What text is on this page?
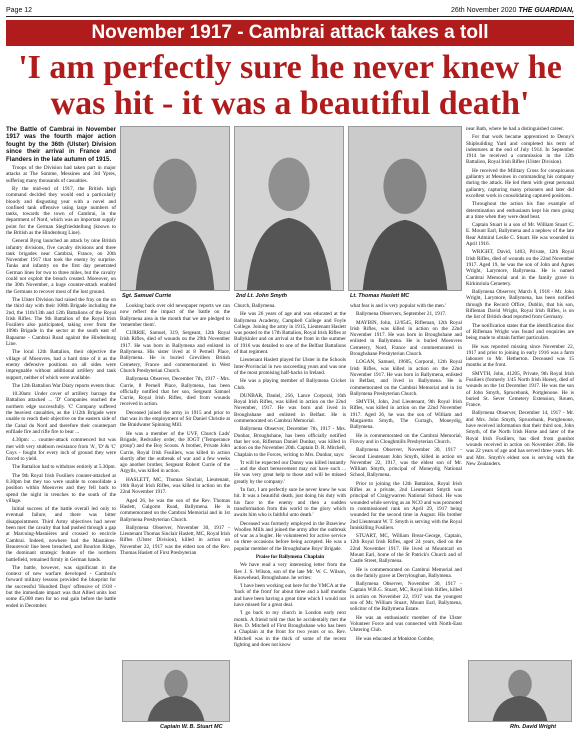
Page 12	26th November 2020 THE GUARDIAN,
November 1917 - Cambrai attack takes a toll
'I am perfectly sure he never knew he was hit - it was a beautiful death'

The Battle of Cambrai in November 1917 was the fourth major action fought by the 36th (Ulster) Division since their arrival in France and Flanders in the late autumn of 1915.

Troops of the Division had taken part in major attacks at The Somme, Messines and 3rd Ypres, suffering many thousands of casualties.

By the mid-end of 1917, the British high command decided they would end a particularly bloody and disgusting year with a novel and confined tank offensive using large numbers of tanks, towards the town of Cambrai, in the department of Nord, which was an important supply point for the German Siegfriedstellung (known to the British as the Hindenburg Line).

General Byng launched an attack by nine British infantry divisions, five cavalry divisions and three tank brigades near Cambrai, France, on 20th November 1917 that took the enemy by surprise. Tanks and infantry on the first day penetrated German lines for two to three miles, but the cavalry could not exploit the breach created. Moreover, on the 30th November, a huge counter-attack enabled the Germans to recover most of the lost ground.

The Ulster Division had raised the fray on the on the third day with their 108th Brigade including the 2nd, the 11th/13th and 12th Battalions of the Royal Irish Rifles. The 9th Battalion of the Royal Irish Fusiliers also participated, taking over from the 109th Brigade in the sector at the south east of Bapaume - Cambrai Road against the Hindenburg Line.

The local 12th Battalion, their objective the village of Moeuvres, had a hard time of it as the enemy defensive positions on all sides were impregnable without additional artillery and tank support, neither of which were available.

The 12th Battalion War Diary reports events thus:

10.30am: Under cover of artillery barrage the Battalion attacked ... 'D' Companies reached the northern edge successfully. 'C' Company suffered the heaviest casualties, as the 1/12th Brigade were unable to reach their objective on the eastern side of the Canal du Nord and therefore their counterpart enfilade fire and rifle fire to bear ...

4.30pm: ... counter-attack commenced but was met with very stubborn resistance from 'A', 'D' & 'C' Coys - fought for every inch of ground they were forced to yield.

The Battalion had to withdraw entirely at 5.30pm.

The 9th Royal Irish Fusiliers counter-attacked at 8.30pm but they too were unable to consolidate a position within Moeuvres and they fell back to spend the night in trenches to the south of the village.

Initial success of the battle overall led only to eventual failure, and there was bitter disappointment. Third Army objectives had never been met: the cavalry that had pushed through a gap at Marcoing-Masnières and crossed to encircle Cambrai. Indeed, nowhere had the Masnières-Beaurevoir line been breached, and Bourlon Ridge, the dominant strategic feature of the northern battlefield, remained firmly in German hands.

The battle, however, was significant in the context of new warfare developed - Cambrai's forward military lessons provided the blueprint for the successful 'Hundred Days' offensive of 1918 - but the immediate impact was that Allied units lost some 45,000 men for no real gain before the battle ended in December.

Sgt. Samuel Currie	2nd Lt. John Smyth	Lt. Thomas Haslett MC

Looking back over old newspaper reports we can now reflect the impact of the battle on the Ballymena area in the month that we are pledged to 'remember them'.

CURRIE, Samuel, 319, Sergeant, 12th Royal Irish Rifles, died of wounds on the 29th November 1917. He was born in Ballymena and enlisted in Ballymena. His sister lived at 8 Pernell Place, Ballymena. He is buried Grevillers British Cemetery, France and commemorated in West Church Presbyterian Church.

Ballymena Observer, December 7th, 1917 - Mrs. Currie, 8 Pernell Place, Ballymena, has been officially notified that her son, Sergeant Samuel Currie, Royal Irish Rifles, died from wounds received in action.

Deceased joined the army in 1915 and prior to that was in the employment of Sir Daniel Christie at the Braidwater Spinning Mill.

He was a member of the UVF, Church Lads' Brigade, Redvalley order, the IOGT ('Temperance group') and the Boy Scouts. A brother, Private John Currie, Royal Irish Fusiliers, was killed in action shortly after the outbreak of war and a few weeks ago another brother, Sergeant Robert Currie of the Argylls, was killed in action.

HASLETT, MC, Thomas Sinclair, Lieutenant, 16th Royal Irish Rifles, was killed in action on the 22nd November 1917.

Aged 26, he was the son of the Rev. Thomas Haslett, Galgorm Road, Ballymena. He is commemorated on the Cambrai Memorial and in 1st Ballymena Presbyterian Church.

Ballymena Observer, November 30, 1917 - Lieutenant Thomas Sinclair Haslett, MC, Royal Irish Rifles (Ulster Division), killed in action on November 22, 1917 was the eldest son of the Rev. Thomas Haslett of First Presbyterian

Captain W. B. Stuart MC

Church, Ballymena.

He was 26 years of age and was educated at the Ballymena Academy, Campbell College and Foyle College. Joining the army in 1915, Lieutenant Haslett was posted to the 17th Battalion, Royal Irish Rifles at Ballykinler and on arrival at the front in the summer of 1916 was detailed to one of the Belfast Battalions of that regiment.

Lieutenant Haslett played for Ulster in the Schools Inter-Provincial in two succeeding years and was one of the most promising half-backs in Ireland.

He was a playing member of Ballymena Cricket Club.

DUNBAR, Daniel, 256, Lance Corporal, 16th Royal Irish Rifles, was killed in action on the 22nd November, 1917. He was born and lived in Broughshane and enlisted in Belfast. He is commemorated on Cambrai Memorial.

Ballymena Observer, December 7th, 1917 - Mrs. Dunbar, Broughshane, has been officially notified that her son, Rifleman Daniel Dunbar, was killed in action on the November 20th. Captain D. R. Mitchell, Chaplain to the Forces, writing to Mrs. Dunbar, says:

'It will be expected our Danny was killed instantly ... and the short bereavement may not have such ... He was very great help to those and will be missed greatly by the company.'

'In fact, I am perfectly sure he never knew he was hit. It was a beautiful death, just doing his duty with his face to the enemy and then a sudden transformation from this world to the glory which awaits him who is faithful unto death.'

Deceased was formerly employed in the Braeview Woollen Mills and joined the army after the outbreak of war as a bugler. He volunteered for active service on three occasions before being accepted. He was a popular member of the Broughshane Boys' Brigade.

Praise for Ballymena Chaplain

We have read a very interesting letter from the Rev J. S. Wilson, son of the late Mr. W. C. Wilson, Knowehead, Broughshane. he writes:

'I have been working out here for the YMCA at the 'back of the front' for about three and a half months and have been having a great time which I would not have missed for a great deal.

'I go back to my church in London early next month. A friend told me that he accidentally met the Rev. D. Mitchell of First Broughshane who has been a Chaplain at the front for two years or so. Rev. Mitchell was in the thick of some of the recent fighting and does not know

what fear is and is very popular with the men.'

Ballymena Observers, September 21, 1917.

MAYBIN, John, 12/6545, Rifleman, 12th Royal Irish Rifles, was killed in action on the 22nd November 1917. He was born in Broughshane and enlisted in Ballymena. He is buried Moeuvres Cemetery, Nord, France and commemorated in Broughshane Presbyterian Church.

LOGAN, Samuel, 19605, Corporal, 12th Royal Irish Rifles, was killed in action on the 22nd November 1917. He was born in Ballymena, enlisted in Belfast, and lived in Ballymena. He is commemorated on the Cambrai Memorial and in 1st Ballymena Presbyterian Church.

SMYTH, John, 2nd Lieutenant, 9th Royal Irish Rifles, was killed in action on the 22nd November 1917. Aged 26, he was the son of William and Margaretta Smyth, The Curragh, Moneydig, Ballymena.

He is commemorated on the Cambrai Memorial, Finvoy and in Cloughmills Presbyterian Church.

Ballymena Observer, November 30, 1917 - Second Lieutenant John Smyth, killed in action on November 22, 1917, was the eldest son of Mr. William Smyth, principal of Moneydig National School, Ballymena.

Prior to joining the 12th Battalion, Royal Irish Rifles as a private, 2nd Lieutenant Smyth was principal of Craigywarren National School. He was wounded while serving as an NCO and was promoted to commissioned rank on April 29, 1917 being wounded for the second time in August. His brother 2nd Lieutenant W. T. Smyth is serving with the Royal Inniskilling Fusiliers.

STUART, MC, William Brear-George, Captain, 12th Royal Irish Rifles, aged 24 years, died on the 22nd November 1917. He lived at Mountcarl on Mount Earl, home of the St Patrick's Church and of Castle Street, Ballymena.

He is commemorated on Cambrai Memorial and on the family grave at Derryloughan, Ballymena.

Ballymena Observer, November 30, 1917 - Captain W.B.G. Stuart, MC, Royal Irish Rifles, killed in action on November 22, 1917 was the youngest son of Mr. William Stuart, Mount Earl, Ballymena, solicitor of the Ballymena Estate.

He was an enthusiastic member of the Ulster Volunteer Force and was connected with North-East Ulstering Club.

He was educated at Monkton Combe,

near Bath, where he had a distinguished career.

For that work became apprenticed to Denny's Shipbuilding Yard and completed his term of indentures at the end of July 1914. In September 1914 he received a commission in the 12th Battalion, Royal Irish Rifles (Ulster Division).

He received the Military Cross for conspicuous gallantry at Messines in commanding his company during the attack. He led them with great personal gallantry, capturing many prisoners and later did excellent work in consolidating captured positions.

Throughout the action his fine example of determination and enthusiasm kept his men going at a time when they were dead beat.

Captain Stuart is a son of Mr. William Stuart C. E. Mount Earl, Ballymena and a nephew of the late Rear Admiral Leslie C. Stuart. He was wounded in April 1916.

WRIGHT, David, 1403, Private, 12th Royal Irish Rifles, died of wounds on the 22nd November 1917. Aged 19, he was the son of John and Agnes Wright, Larymore, Ballymena. He is named Cambrai Memorial and in the family grave in Kirkinriola Cemetery.

Ballymena Observer, March 8, 1918 - Mr. John Wright, Larymore, Ballymena, has been notified through the Record Office, Dublin, that his son, Rifleman David Wright, Royal Irish Rifles, is on the list of British dead reported from Germany.

The notification states that the identification disc of Rifleman Wright was found and enquiries are being made to obtain further particulars.

He was reported missing since November 22, 1917 and prior to joining in early 1916 was a farm labourer to Mr. Hetherton. Deceased was 15 months at the front.

SMYTH, John, 41205, Private, 9th Royal Irish Fusiliers (formerly 1/45 North Irish Horse), died of wounds on the 1st December 1917. He was the son of John Smyth, Sprucebank, Portglenone. He is buried St. Sever Cemetery Extension, Rouen, France.

Ballymena Observer, December 14, 1917 - Mr. and Mrs. John Smyth, Sprucebank, Portglenone, have received information that their third son, John Smyth, of the North Irish Horse and later of the Royal Irish Fusiliers, has died from gunshot wounds received in action on November 26th. He was 22 years of age and has served three years. Mr. and Mrs. Smyth's eldest son is serving with the New Zealanders.

Rfn. David Wright
